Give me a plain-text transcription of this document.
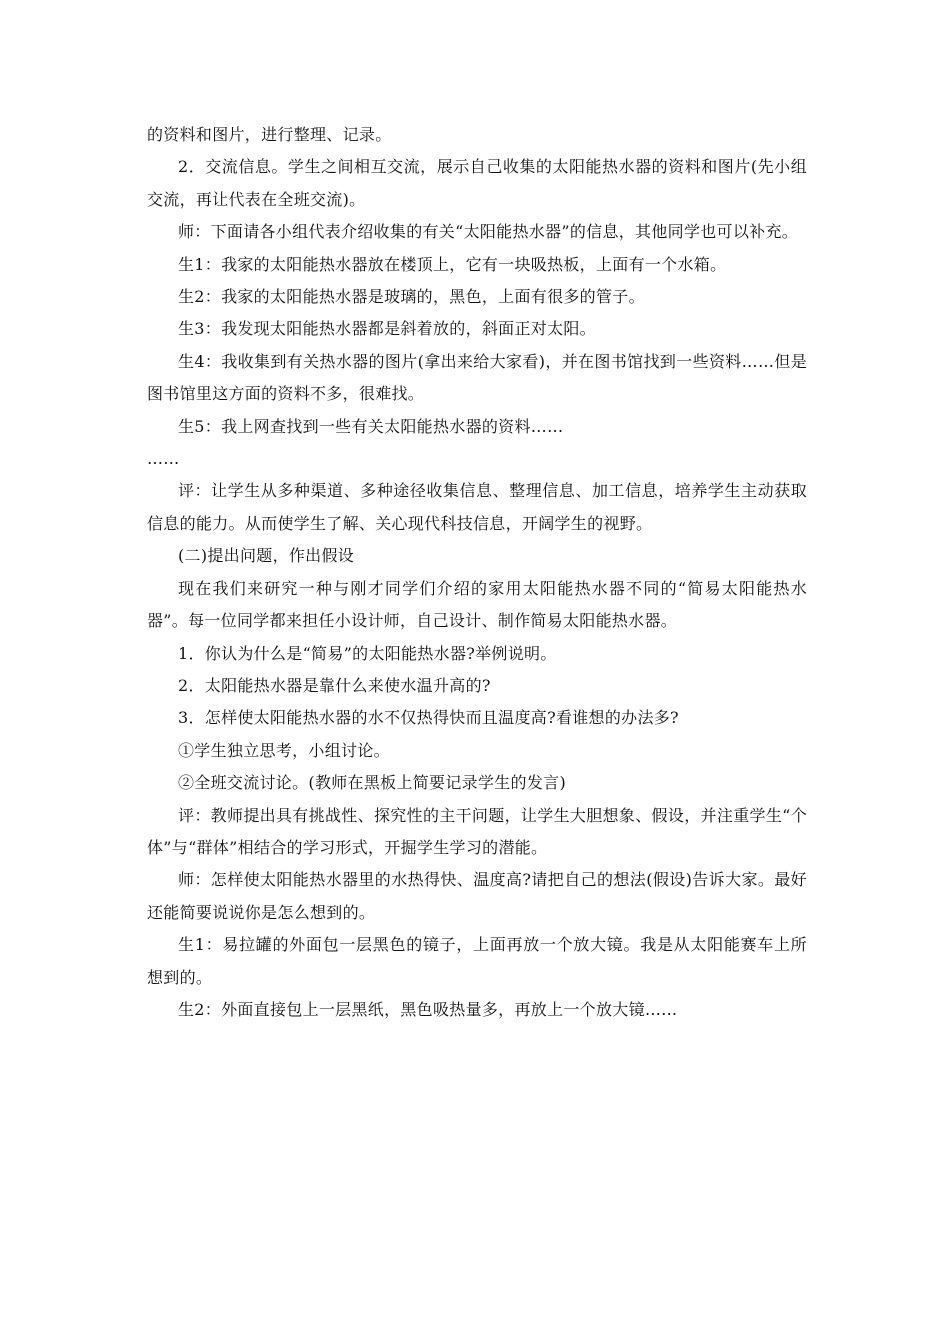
的资料和图片，进行整理、记录。

2．交流信息。学生之间相互交流，展示自己收集的太阳能热水器的资料和图片(先小组交流，再让代表在全班交流)。

师：下面请各小组代表介绍收集的有关“太阳能热水器”的信息，其他同学也可以补充。

生1：我家的太阳能热水器放在楼顶上，它有一块吸热板，上面有一个水箱。

生2：我家的太阳能热水器是玻璃的，黑色，上面有很多的管子。

生3：我发现太阳能热水器都是斜着放的，斜面正对太阳。

生4：我收集到有关热水器的图片(拿出来给大家看)，并在图书馆找到一些资料……但是图书馆里这方面的资料不多，很难找。

生5：我上网查找到一些有关太阳能热水器的资料……

……

评：让学生从多种渠道、多种途径收集信息、整理信息、加工信息，培养学生主动获取信息的能力。从而使学生了解、关心现代科技信息，开阔学生的视野。

(二)提出问题，作出假设

现在我们来研究一种与刚才同学们介绍的家用太阳能热水器不同的“简易太阳能热水器”。每一位同学都来担任小设计师，自己设计、制作简易太阳能热水器。

1．你认为什么是“简易”的太阳能热水器?举例说明。

2．太阳能热水器是靠什么来使水温升高的?

3．怎样使太阳能热水器的水不仅热得快而且温度高?看谁想的办法多?

①学生独立思考，小组讨论。

②全班交流讨论。(教师在黑板上简要记录学生的发言)

评：教师提出具有挑战性、探究性的主干问题，让学生大胆想象、假设，并注重学生“个体”与“群体”相结合的学习形式，开掘学生学习的潜能。

师：怎样使太阳能热水器里的水热得快、温度高?请把自己的想法(假设)告诉大家。最好还能简要说说你是怎么想到的。

生1：易拉罐的外面包一层黑色的镜子，上面再放一个放大镜。我是从太阳能赛车上所想到的。

生2：外面直接包上一层黑纸，黑色吸热量多，再放上一个放大镜……
